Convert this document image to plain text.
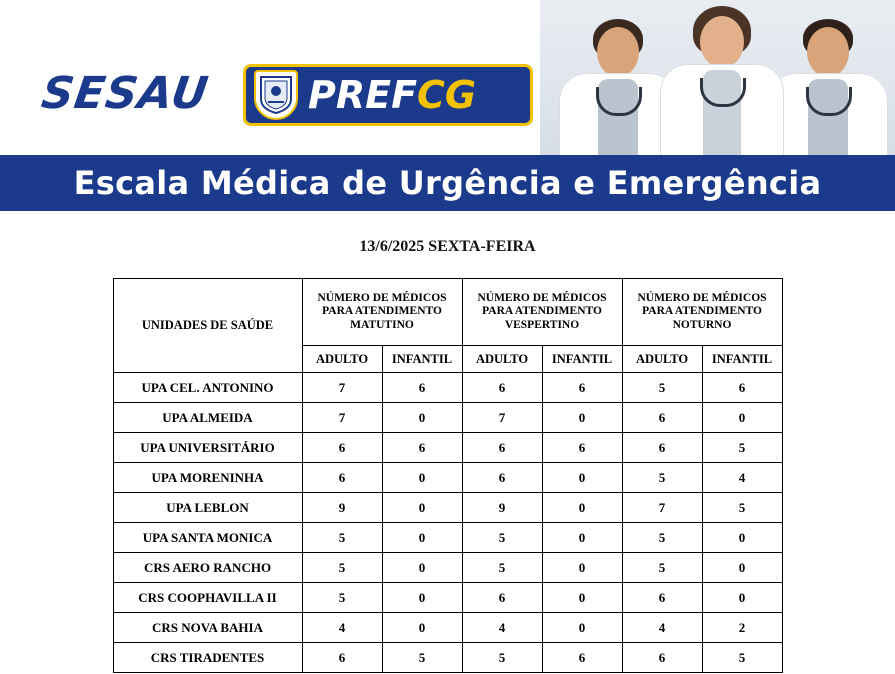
SESAU	PREFCG
Escala Médica de Urgência e Emergência
13/6/2025 SEXTA-FEIRA
UNIDADES DE SAÚDE	NÚMERO DE MÉDICOS PARA ATENDIMENTO MATUTINO		NÚMERO DE MÉDICOS PARA ATENDIMENTO VESPERTINO		NÚMERO DE MÉDICOS PARA ATENDIMENTO NOTURNO	
	ADULTO	INFANTIL	ADULTO	INFANTIL	ADULTO	INFANTIL
UPA CEL. ANTONINO	7	6	6	6	5	6
UPA ALMEIDA	7	0	7	0	6	0
UPA UNIVERSITÁRIO	6	6	6	6	6	5
UPA MORENINHA	6	0	6	0	5	4
UPA LEBLON	9	0	9	0	7	5
UPA SANTA MONICA	5	0	5	0	5	0
CRS AERO RANCHO	5	0	5	0	5	0
CRS COOPHAVILLA II	5	0	6	0	6	0
CRS NOVA BAHIA	4	0	4	0	4	2
CRS TIRADENTES	6	5	5	6	6	5
